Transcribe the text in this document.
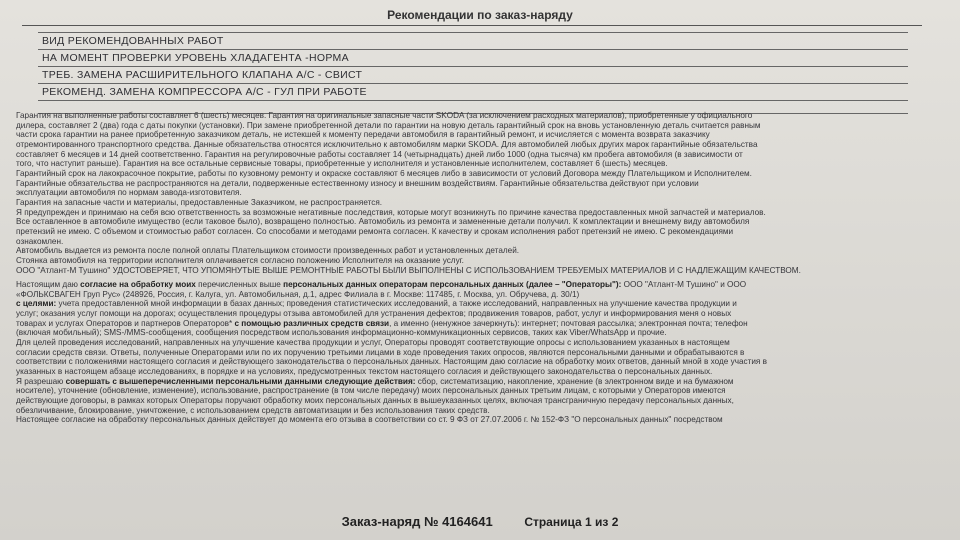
Рекомендации по заказ-наряду
ВИД РЕКОМЕНДОВАННЫХ РАБОТ
НА МОМЕНТ ПРОВЕРКИ УРОВЕНЬ ХЛАДАГЕНТА -НОРМА
ТРЕБ. ЗАМЕНА РАСШИРИТЕЛЬНОГО КЛАПАНА А/С - СВИСТ
РЕКОМЕНД. ЗАМЕНА КОМПРЕССОРА А/С - ГУЛ ПРИ РАБОТЕ

Гарантия на выполненные работы составляет 6 (шесть) месяцев. Гарантия на оригинальные запасные части SKODA (за исключением расходных материалов), приобретенные у официального

дилера, составляет 2 (два) года с даты покупки (установки). При замене приобретенной детали по гарантии на новую деталь гарантийный срок на вновь установленную деталь считается равным

части срока гарантии на ранее приобретенную заказчиком деталь, не истекшей к моменту передачи автомобиля в гарантийный ремонт, и исчисляется с момента возврата заказчику

отремонтированного транспортного средства. Данные обязательства относятся исключительно к автомобилям марки SKODA. Для автомобилей любых других марок гарантийные обязательства

составляет 6 месяцев и 14 дней соответственно. Гарантия на регулировочные работы составляет 14 (четырнадцать) дней либо 1000 (одна тысяча) км пробега автомобиля (в зависимости от

того, что наступит раньше). Гарантия на все остальные сервисные товары, приобретенные у исполнителя и установленные исполнителем, составляет 6 (шесть) месяцев.

Гарантийный срок на лакокрасочное покрытие, работы по кузовному ремонту и окраске составляют 6 месяцев либо в зависимости от условий Договора между Плательщиком и Исполнителем.

Гарантийные обязательства не распространяются на детали, подверженные естественному износу и внешним воздействиям. Гарантийные обязательства действуют при условии

эксплуатации автомобиля по нормам завода-изготовителя.

Гарантия на запасные части и материалы, предоставленные Заказчиком, не распространяется.

Я предупрежден и принимаю на себя всю ответственность за возможные негативные последствия, которые могут возникнуть по причине качества предоставленных мной запчастей и материалов.

Все оставленное в автомобиле имущество (если таковое было), возвращено полностью. Автомобиль из ремонта и замененные детали получил. К комплектации и внешнему виду автомобиля

претензий не имею. С объемом и стоимостью работ согласен. Со способами и методами ремонта согласен. К качеству и срокам исполнения работ претензий не имею. С рекомендациями

ознакомлен.

Автомобиль выдается из ремонта после полной оплаты Плательщиком стоимости произведенных работ и установленных деталей.

Стоянка автомобиля на территории исполнителя оплачивается согласно положению Исполнителя на оказание услуг.

ООО "Атлант-М Тушино" УДОСТОВЕРЯЕТ, ЧТО УПОМЯНУТЫЕ ВЫШЕ РЕМОНТНЫЕ РАБОТЫ БЫЛИ ВЫПОЛНЕНЫ С ИСПОЛЬЗОВАНИЕМ ТРЕБУЕМЫХ МАТЕРИАЛОВ И С НАДЛЕЖАЩИМ КАЧЕСТВОМ.

Настоящим даю согласие на обработку моих перечисленных выше персональных данных операторам персональных данных (далее – "Операторы"): ООО "Атлант-М Тушино" и ООО

«ФОЛЬКСВАГЕН Груп Рус» (248926, Россия, г. Калуга, ул. Автомобильная, д.1, адрес Филиала в г. Москве: 117485, г. Москва, ул. Обручева, д. 30/1)

с целями: учета предоставленной мной информации в базах данных; проведения статистических исследований, а также исследований, направленных на улучшение качества продукции и

услуг; оказания услуг помощи на дорогах; осуществления процедуры отзыва автомобилей для устранения дефектов; продвижения товаров, работ, услуг и информирования меня о новых

товарах и услугах Операторов и партнеров Операторов* с помощью различных средств связи, а именно (ненужное зачеркнуть): интернет; почтовая рассылка; электронная почта; телефон

(включая мобильный); SMS-/MMS-сообщения, сообщения посредством использования информационно-коммуникационных сервисов, таких как Viber/WhatsApp и прочие.

Для целей проведения исследований, направленных на улучшение качества продукции и услуг, Операторы проводят соответствующие опросы с использованием указанных в настоящем

согласии средств связи. Ответы, полученные Операторами или по их поручению третьими лицами в ходе проведения таких опросов, являются персональными данными и обрабатываются в

соответствии с положениями настоящего согласия и действующего законодательства о персональных данных. Настоящим даю согласие на обработку моих ответов, данный мной в ходе участия в

указанных в настоящем абзаце исследованиях, в порядке и на условиях, предусмотренных текстом настоящего согласия и действующего законодательства о персональных данных.

Я разрешаю совершать с вышеперечисленными персональными данными следующие действия: сбор, систематизацию, накопление, хранение (в электронном виде и на бумажном

носителе), уточнение (обновление, изменение), использование, распространение (в том числе передачу) моих персональных данных третьим лицам, с которыми у Операторов имеются

действующие договоры, в рамках которых Операторы поручают обработку моих персональных данных в вышеуказанных целях, включая трансграничную передачу персональных данных,

обезличивание, блокирование, уничтожение, с использованием средств автоматизации и без использования таких средств.

Настоящее согласие на обработку персональных данных действует до момента его отзыва в соответствии со ст. 9 ФЗ от 27.07.2006 г. № 152-ФЗ "О персональных данных" посредством

Заказ-наряд № 4164641	Страница 1 из 2
